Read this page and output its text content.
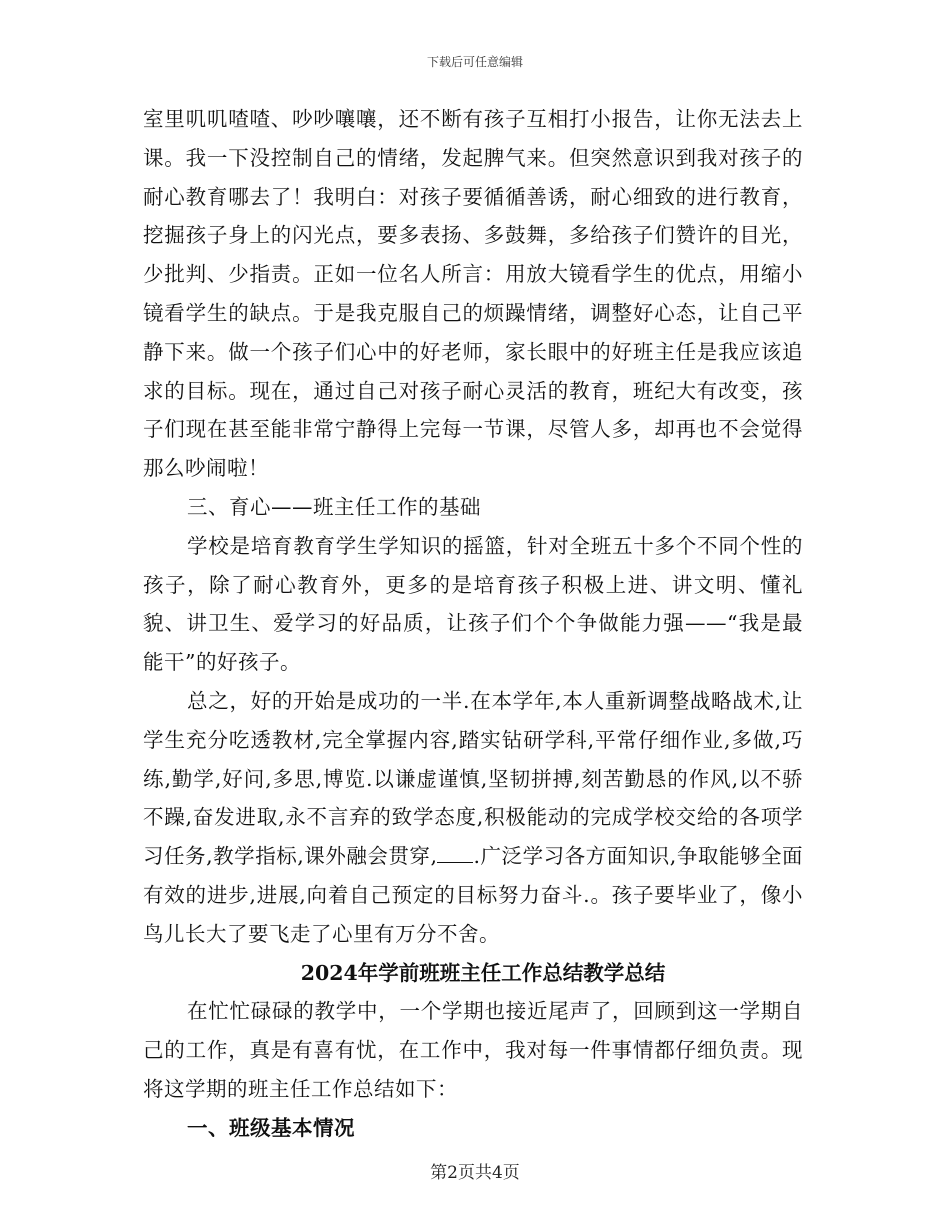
下载后可任意编辑

室里叽叽喳喳、吵吵嚷嚷，还不断有孩子互相打小报告，让你无法去上课。我一下没控制自己的情绪，发起脾气来。但突然意识到我对孩子的耐心教育哪去了！我明白：对孩子要循循善诱，耐心细致的进行教育，挖掘孩子身上的闪光点，要多表扬、多鼓舞，多给孩子们赞许的目光，少批判、少指责。正如一位名人所言：用放大镜看学生的优点，用缩小镜看学生的缺点。于是我克服自己的烦躁情绪，调整好心态，让自己平静下来。做一个孩子们心中的好老师，家长眼中的好班主任是我应该追求的目标。现在，通过自己对孩子耐心灵活的教育，班纪大有改变，孩子们现在甚至能非常宁静得上完每一节课，尽管人多，却再也不会觉得那么吵闹啦！

三、育心——班主任工作的基础

学校是培育教育学生学知识的摇篮，针对全班五十多个不同个性的孩子，除了耐心教育外，更多的是培育孩子积极上进、讲文明、懂礼貌、讲卫生、爱学习的好品质，让孩子们个个争做能力强——“我是最能干”的好孩子。

总之，好的开始是成功的一半.在本学年,本人重新调整战略战术,让学生充分吃透教材,完全掌握内容,踏实钻研学科,平常仔细作业,多做,巧练,勤学,好问,多思,博览.以谦虚谨慎,坚韧拼搏,刻苦勤恳的作风,以不骄不躁,奋发进取,永不言弃的致学态度,积极能动的完成学校交给的各项学习任务,教学指标,课外融会贯穿, .广泛学习各方面知识,争取能够全面有效的进步,进展,向着自己预定的目标努力奋斗.。孩子要毕业了，像小鸟儿长大了要飞走了心里有万分不舍。

2024年学前班班主任工作总结教学总结

在忙忙碌碌的教学中，一个学期也接近尾声了，回顾到这一学期自己的工作，真是有喜有忧，在工作中，我对每一件事情都仔细负责。现将这学期的班主任工作总结如下：

一、班级基本情况

第2页共4页
